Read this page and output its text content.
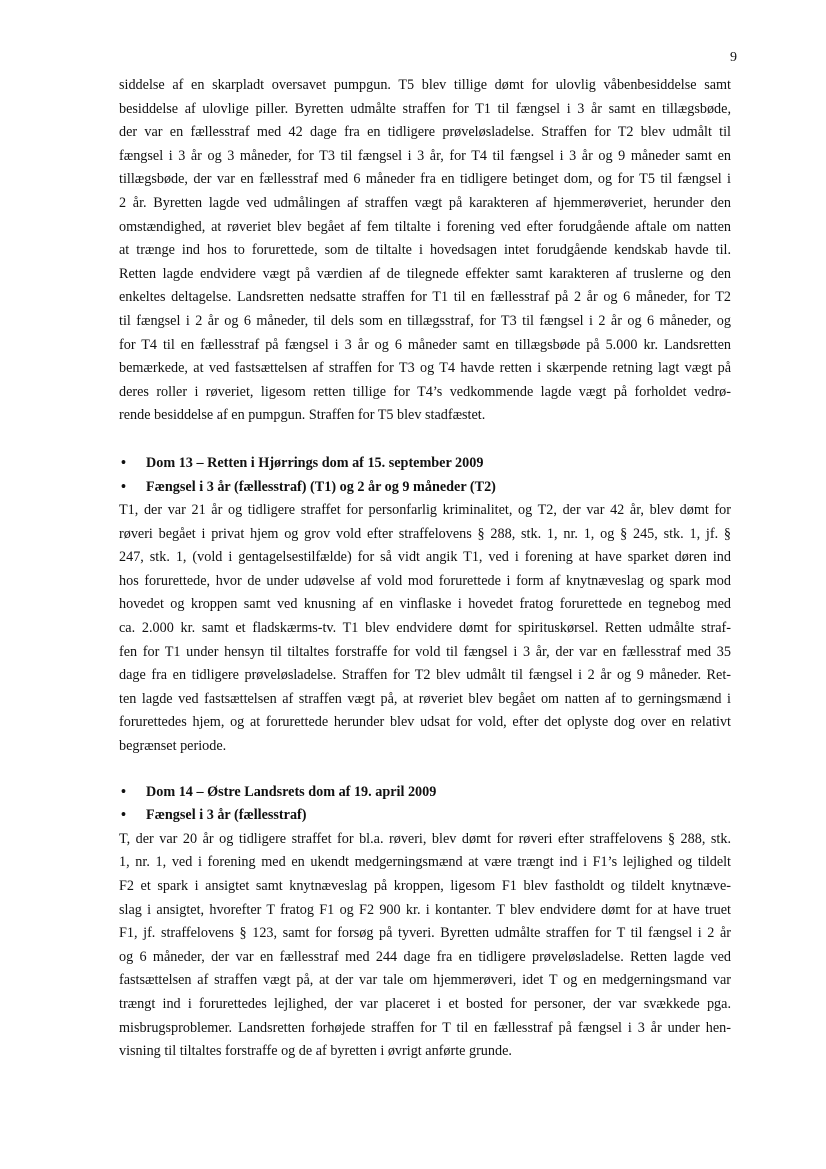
9
siddelse af en skarpladt oversavet pumpgun. T5 blev tillige dømt for ulovlig våbenbesiddelse samt
besiddelse af ulovlige piller. Byretten udmålte straffen for T1 til fængsel i 3 år samt en tillægsbøde,
der var en fællesstraf med 42 dage fra en tidligere prøveløsladelse. Straffen for T2 blev udmålt til
fængsel i 3 år og 3 måneder, for T3 til fængsel i 3 år, for T4 til fængsel i 3 år og 9 måneder samt en
tillægsbøde, der var en fællesstraf med 6 måneder fra en tidligere betinget dom, og for T5 til fængsel i
2 år. Byretten lagde ved udmålingen af straffen vægt på karakteren af hjemmerøveriet, herunder den
omstændighed, at røveriet blev begået af fem tiltalte i forening ved efter forudgående aftale om natten
at trænge ind hos to forurettede, som de tiltalte i hovedsagen intet forudgående kendskab havde til.
Retten lagde endvidere vægt på værdien af de tilegnede effekter samt karakteren af truslerne og den
enkeltes deltagelse. Landsretten nedsatte straffen for T1 til en fællesstraf på 2 år og 6 måneder, for T2
til fængsel i 2 år og 6 måneder, til dels som en tillægsstraf, for T3 til fængsel i 2 år og 6 måneder, og
for T4 til en fællesstraf på fængsel i 3 år og 6 måneder samt en tillægsbøde på 5.000 kr. Landsretten
bemærkede, at ved fastsættelsen af straffen for T3 og T4 havde retten i skærpende retning lagt vægt på
deres roller i røveriet, ligesom retten tillige for T4’s vedkommende lagde vægt på forholdet vedrø-
rende besiddelse af en pumpgun. Straffen for T5 blev stadfæstet.
• Dom 13 – Retten i Hjørrings dom af 15. september 2009
• Fængsel i 3 år (fællesstraf) (T1) og 2 år og 9 måneder (T2)
T1, der var 21 år og tidligere straffet for personfarlig kriminalitet, og T2, der var 42 år, blev dømt for
røveri begået i privat hjem og grov vold efter straffelovens § 288, stk. 1, nr. 1, og § 245, stk. 1, jf. §
247, stk. 1, (vold i gentagelsestilfælde) for så vidt angik T1, ved i forening at have sparket døren ind
hos forurettede, hvor de under udøvelse af vold mod forurettede i form af knytnæveslag og spark mod
hovedet og kroppen samt ved knusning af en vinflaske i hovedet fratog forurettede en tegnebog med
ca. 2.000 kr. samt et fladskærms-tv. T1 blev endvidere dømt for spirituskørsel. Retten udmålte straf-
fen for T1 under hensyn til tiltaltes forstraffe for vold til fængsel i 3 år, der var en fællesstraf med 35
dage fra en tidligere prøveløsladelse. Straffen for T2 blev udmålt til fængsel i 2 år og 9 måneder. Ret-
ten lagde ved fastsættelsen af straffen vægt på, at røveriet blev begået om natten af to gerningsmænd i
forurettedes hjem, og at forurettede herunder blev udsat for vold, efter det oplyste dog over en relativt
begrænset periode.
• Dom 14 – Østre Landsrets dom af 19. april 2009
• Fængsel i 3 år (fællesstraf)
T, der var 20 år og tidligere straffet for bl.a. røveri, blev dømt for røveri efter straffelovens § 288, stk.
1, nr. 1, ved i forening med en ukendt medgerningsmænd at være trængt ind i F1’s lejlighed og tildelt
F2 et spark i ansigtet samt knytnæveslag på kroppen, ligesom F1 blev fastholdt og tildelt knytnæve-
slag i ansigtet, hvorefter T fratog F1 og F2 900 kr. i kontanter. T blev endvidere dømt for at have truet
F1, jf. straffelovens § 123, samt for forsøg på tyveri. Byretten udmålte straffen for T til fængsel i 2 år
og 6 måneder, der var en fællesstraf med 244 dage fra en tidligere prøveløsladelse. Retten lagde ved
fastsættelsen af straffen vægt på, at der var tale om hjemmerøveri, idet T og en medgerningsmand var
trængt ind i forurettedes lejlighed, der var placeret i et bosted for personer, der var svækkede pga.
misbrugsproblemer. Landsretten forhøjede straffen for T til en fællesstraf på fængsel i 3 år under hen-
visning til tiltaltes forstraffe og de af byretten i øvrigt anførte grunde.
